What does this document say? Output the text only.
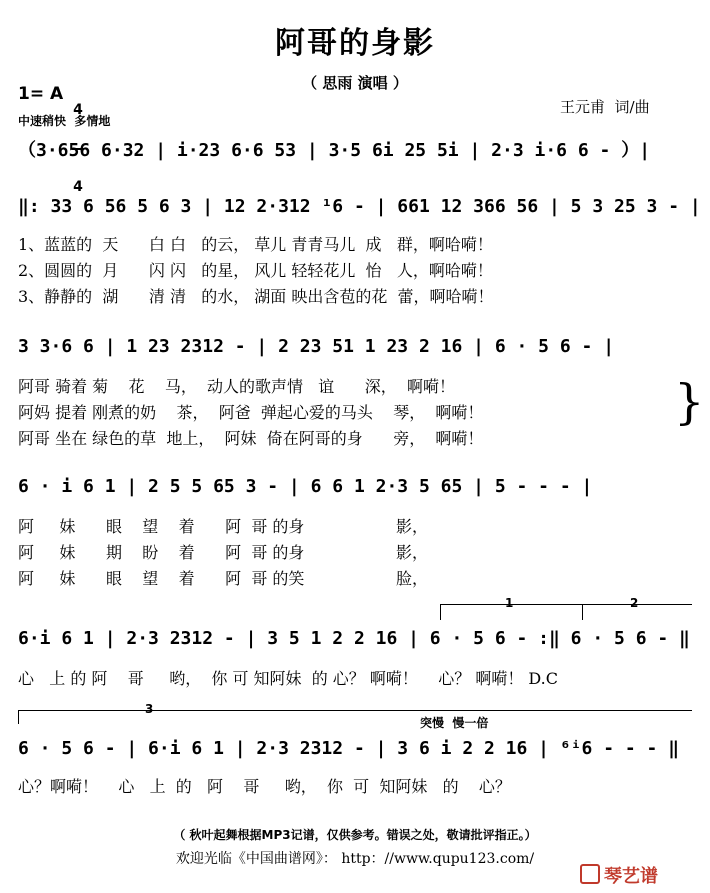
阿哥的身影
（ 思雨 演唱 ）
1= A

4

4

中速稍快  多情地
王元甫  词/曲
（3·656 6·32 | i·23 6·6 53 | 3·5 6i 25 5i | 2·3 i·6 6 - ）|
‖: 33 6 56 5 6 3 | 12 2·312 ¹6 - | 661 12 366 56 | 5 3 25 3 - |
1、蓝蓝的  天      白 白   的云， 草儿 青青马儿  成   群，啊哈嗬！
2、圆圆的  月      闪 闪   的星， 风儿 轻轻花儿  怡   人，啊哈嗬！
3、静静的  湖      清 清   的水， 湖面 映出含苞的花  蕾，啊哈嗬！
3 3·6 6 | 1 23 2312 - | 2 23 51 1 23 2 16 | 6 · 5 6 - |
阿哥 骑着 菊    花    马，  动人的歌声情   谊      深，  啊嗬！
阿妈 提着 刚煮的奶    茶，  阿爸  弹起心爱的马头    琴，  啊嗬！
阿哥 坐在 绿色的草  地上，  阿妹  倚在阿哥的身      旁，  啊嗬！
}
6 · i 6 1 | 2 5 5 65 3 - | 6 6 1 2·3 5 65 | 5 - - - |
阿     妹      眼    望    着      阿  哥 的身                  影，
阿     妹      期    盼    着      阿  哥 的身                  影，
阿     妹      眼    望    着      阿  哥 的笑                  脸，
1	2
6·i 6 1 | 2·3 2312 - | 3 5 1 2 2 16 | 6 · 5 6 - :‖ 6 · 5 6 - ‖
心   上 的 阿    哥     哟，  你 可 知阿妹  的 心？ 啊嗬！    心？ 啊嗬！ D.C
3
突慢  慢一倍
6 · 5 6 - | 6·i 6 1 | 2·3 2312 - | 3 6 i 2 2 16 | ⁶ⁱ6 - - - ‖
心？啊嗬！    心   上  的   阿    哥     哟，  你  可  知阿妹   的    心？
（ 秋叶起舞根据MP3记谱，仅供参考。错误之处，敬请批评指正。）
欢迎光临《中国曲谱网》： http：//www.qupu123.com/
琴艺谱
